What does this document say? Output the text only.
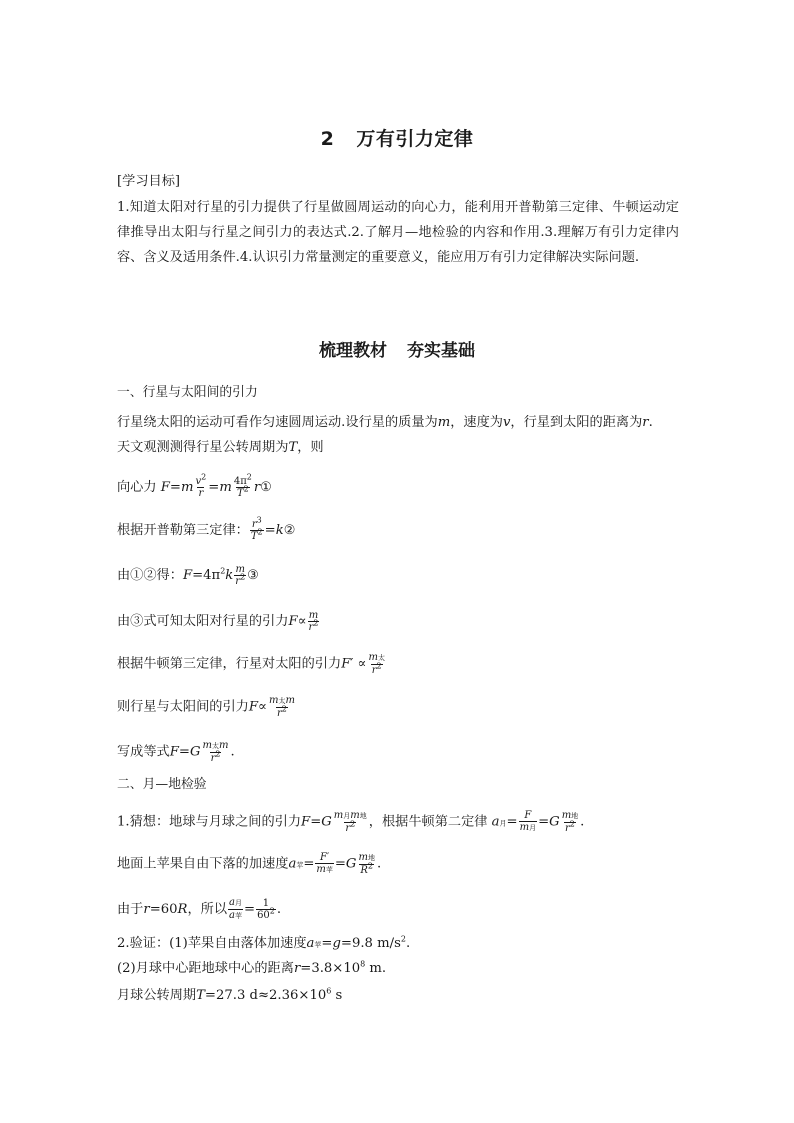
2 万有引力定律
[学习目标]
1.知道太阳对行星的引力提供了行星做圆周运动的向心力，能利用开普勒第三定律、牛顿运动定律推导出太阳与行星之间引力的表达式.2.了解月—地检验的内容和作用.3.理解万有引力定律内容、含义及适用条件.4.认识引力常量测定的重要意义，能应用万有引力定律解决实际问题.
梳理教材 夯实基础
一、行星与太阳间的引力
行星绕太阳的运动可看作匀速圆周运动.设行星的质量为m，速度为v，行星到太阳的距离为r.
天文观测测得行星公转周期为T，则
向心力 $F=m \frac{v^2}{r} =m \frac{4\pi^2}{T^2}$ r①
根据开普勒第三定律： $\frac{r^3}{T^2}$ =k②
由①②得：$F=4\pi^2k \frac{m}{r^2}$ ③
由③式可知太阳对行星的引力$F\propto \frac{m}{r^2}$
根据牛顿第三定律，行星对太阳的引力$F' \propto \frac{\text{m太}}{r^2}$
则行星与太阳间的引力$F\propto \frac{\text{m太m}}{r^2}$
写成等式$F=G \frac{\text{m太m}}{r^2}$ .
二、月—地检验
1.猜想：地球与月球之间的引力$F=G \frac{\text{m月m地}}{r^2}$ ，根据牛顿第二定律 a月= $\frac{F}{\text{m月}} =G \frac{\text{m地}}{r^2}$ .
地面上苹果自由下落的加速度a苹= $\frac{F'}{\text{m苹}} =G \frac{\text{m地}}{R^2}$ .
由于r=60R，所以 $\frac{\text{a月}}{\text{a苹}} = \frac{1}{60^2}$ .
2.验证：(1)苹果自由落体加速度a苹=g=9.8 $m/s^2$.
(2)月球中心距地球中心的距离$r=3.8\times 10^8$ m.
月球公转周期T=27.3 $d\approx 2.36\times 10^6$ s
